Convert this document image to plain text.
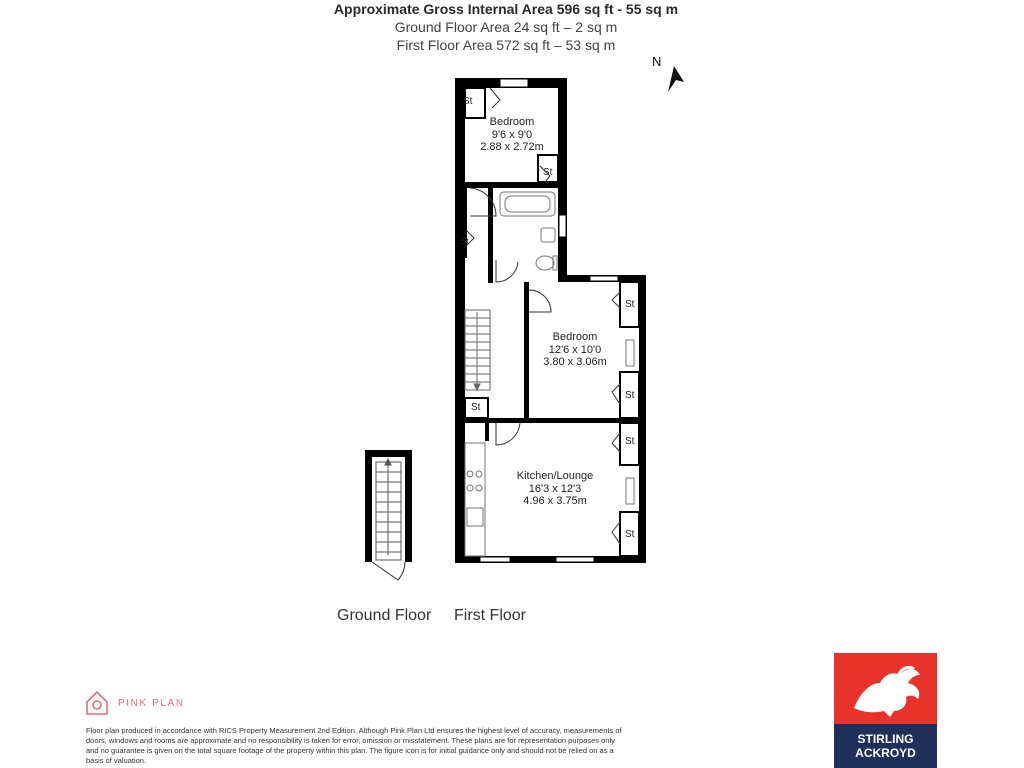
Approximate Gross Internal Area 596 sq ft - 55 sq m
Ground Floor Area 24 sq ft – 2 sq m
First Floor Area 572 sq ft – 53 sq m
N
Bedroom
9'6 x 9'0
2.88 x 2.72m
Bedroom
12'6 x 10'0
3.80 x 3.06m
Kitchen/Lounge
16'3 x 12'3
4.96 x 3.75m
St
St
St
St
St
St
St
St
Ground Floor First Floor
PINK PLAN
Floor plan produced in accordance with RICS Property Measurement 2nd Edition. Although Pink Plan Ltd ensures the highest level of accuracy, measurements of doors, windows and rooms are approximate and no responsibility is taken for error, omission or misstatement. These plans are for representation purposes only and no guarantee is given on the total square footage of the property within this plan. The figure icon is for initial guidance only and should not be relied on as a basis of valuation.
STIRLING
ACKROYD
